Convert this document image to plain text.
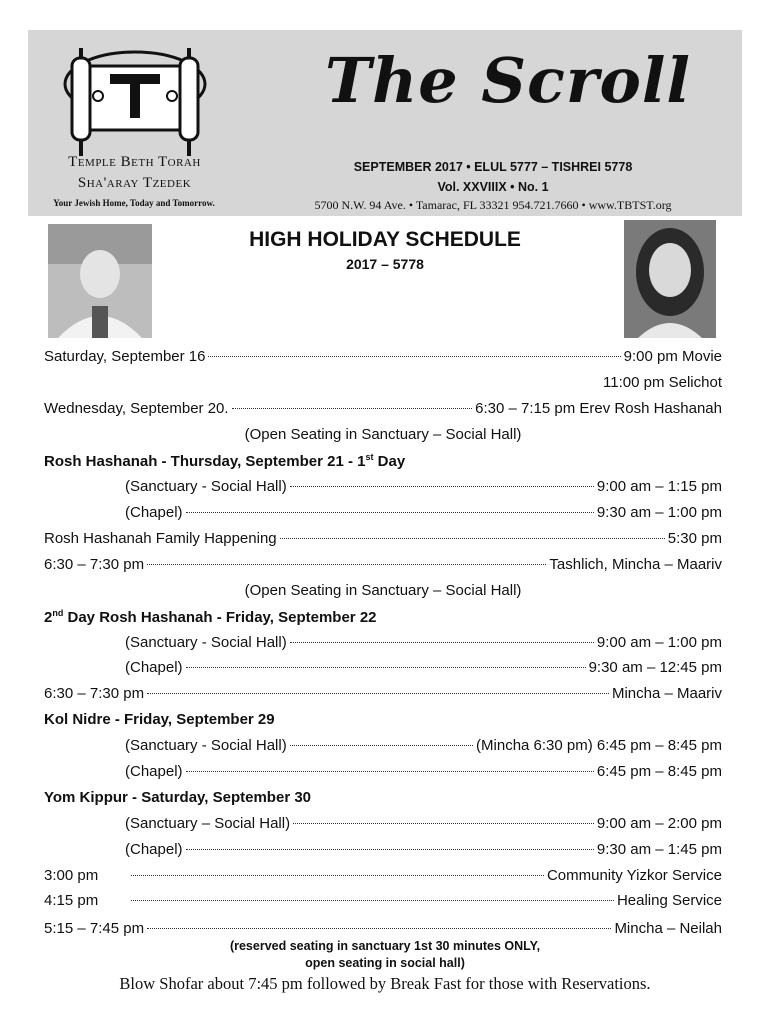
Temple Beth Torah
Sha'aray Tzedek
Your Jewish Home, Today and Tomorrow.
The Scroll
SEPTEMBER 2017 • ELUL 5777 – TISHREI 5778
Vol. XXVIIIX • No. 1
5700 N.W. 94 Ave. • Tamarac, FL 33321 954.721.7660 • www.TBTST.org
HIGH HOLIDAY SCHEDULE
2017 – 5778
Saturday, September 16	9:00 pm Movie
11:00 pm Selichot
Wednesday, September 20.	6:30 – 7:15 pm Erev Rosh Hashanah
(Open Seating in Sanctuary – Social Hall)
Rosh Hashanah - Thursday, September 21 - 1st Day
(Sanctuary - Social Hall)	9:00 am – 1:15 pm
(Chapel)	9:30 am – 1:00 pm
Rosh Hashanah Family Happening	5:30 pm
6:30 – 7:30 pm	Tashlich, Mincha – Maariv
(Open Seating in Sanctuary – Social Hall)
2nd Day Rosh Hashanah - Friday, September 22
(Sanctuary - Social Hall)	9:00 am – 1:00 pm
(Chapel)	9:30 am – 12:45 pm
6:30 – 7:30 pm	Mincha – Maariv
Kol Nidre - Friday, September 29
(Sanctuary - Social Hall)	(Mincha 6:30 pm) 6:45 pm – 8:45 pm
(Chapel)	6:45 pm – 8:45 pm
Yom Kippur - Saturday, September 30
(Sanctuary – Social Hall)	9:00 am – 2:00 pm
(Chapel)	9:30 am – 1:45 pm
3:00 pm	Community Yizkor Service
4:15 pm	Healing Service
5:15 – 7:45 pm	Mincha – Neilah
(reserved seating in sanctuary 1st 30 minutes ONLY,
open seating in social hall)
Blow Shofar about 7:45 pm followed by Break Fast for those with Reservations.
